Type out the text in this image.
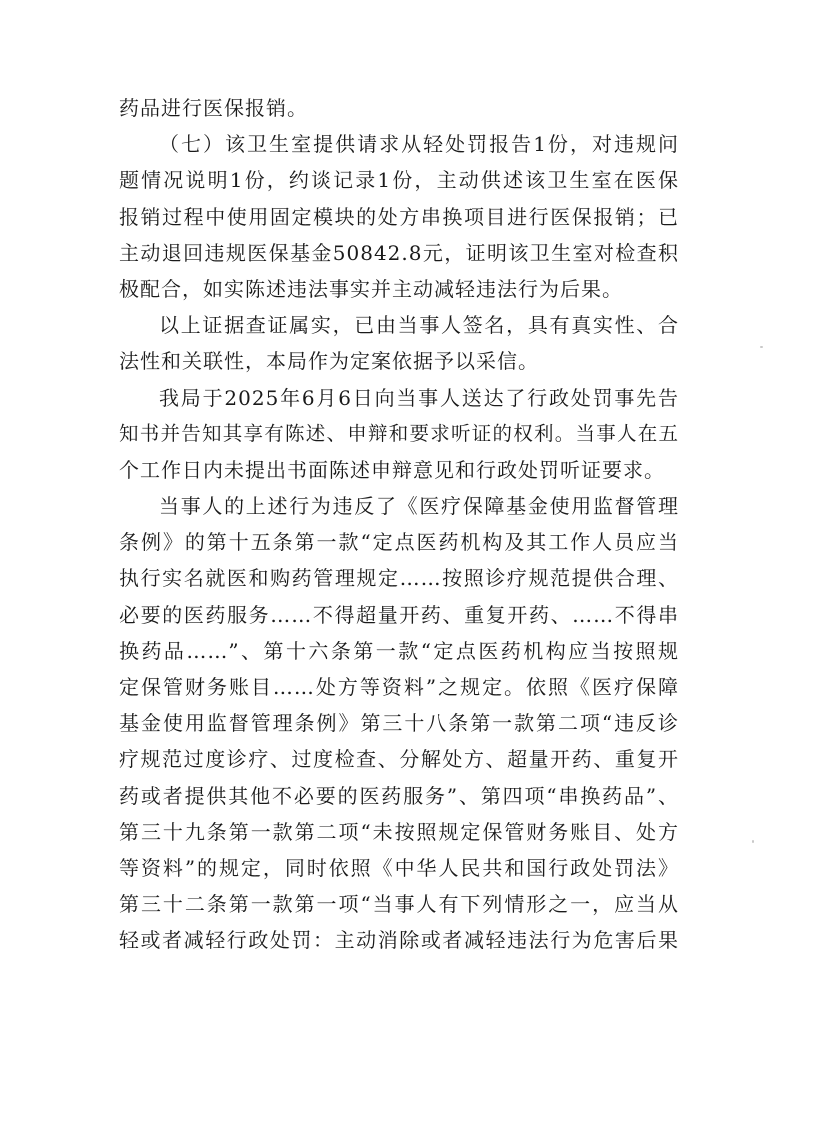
药品进行医保报销。
（七）该卫生室提供请求从轻处罚报告1份，对违规问
题情况说明1份，约谈记录1份，主动供述该卫生室在医保
报销过程中使用固定模块的处方串换项目进行医保报销；已
主动退回违规医保基金50842.8元，证明该卫生室对检查积
极配合，如实陈述违法事实并主动减轻违法行为后果。
以上证据查证属实，已由当事人签名，具有真实性、合
法性和关联性，本局作为定案依据予以采信。
我局于2025年6月6日向当事人送达了行政处罚事先告
知书并告知其享有陈述、申辩和要求听证的权利。当事人在五
个工作日内未提出书面陈述申辩意见和行政处罚听证要求。
当事人的上述行为违反了《医疗保障基金使用监督管理
条例》的第十五条第一款“定点医药机构及其工作人员应当
执行实名就医和购药管理规定……按照诊疗规范提供合理、
必要的医药服务……不得超量开药、重复开药、……不得串
换药品……”、第十六条第一款“定点医药机构应当按照规
定保管财务账目……处方等资料”之规定。依照《医疗保障
基金使用监督管理条例》第三十八条第一款第二项“违反诊
疗规范过度诊疗、过度检查、分解处方、超量开药、重复开
药或者提供其他不必要的医药服务”、第四项“串换药品”、
第三十九条第一款第二项“未按照规定保管财务账目、处方
等资料”的规定，同时依照《中华人民共和国行政处罚法》
第三十二条第一款第一项“当事人有下列情形之一，应当从
轻或者减轻行政处罚：主动消除或者减轻违法行为危害后果
